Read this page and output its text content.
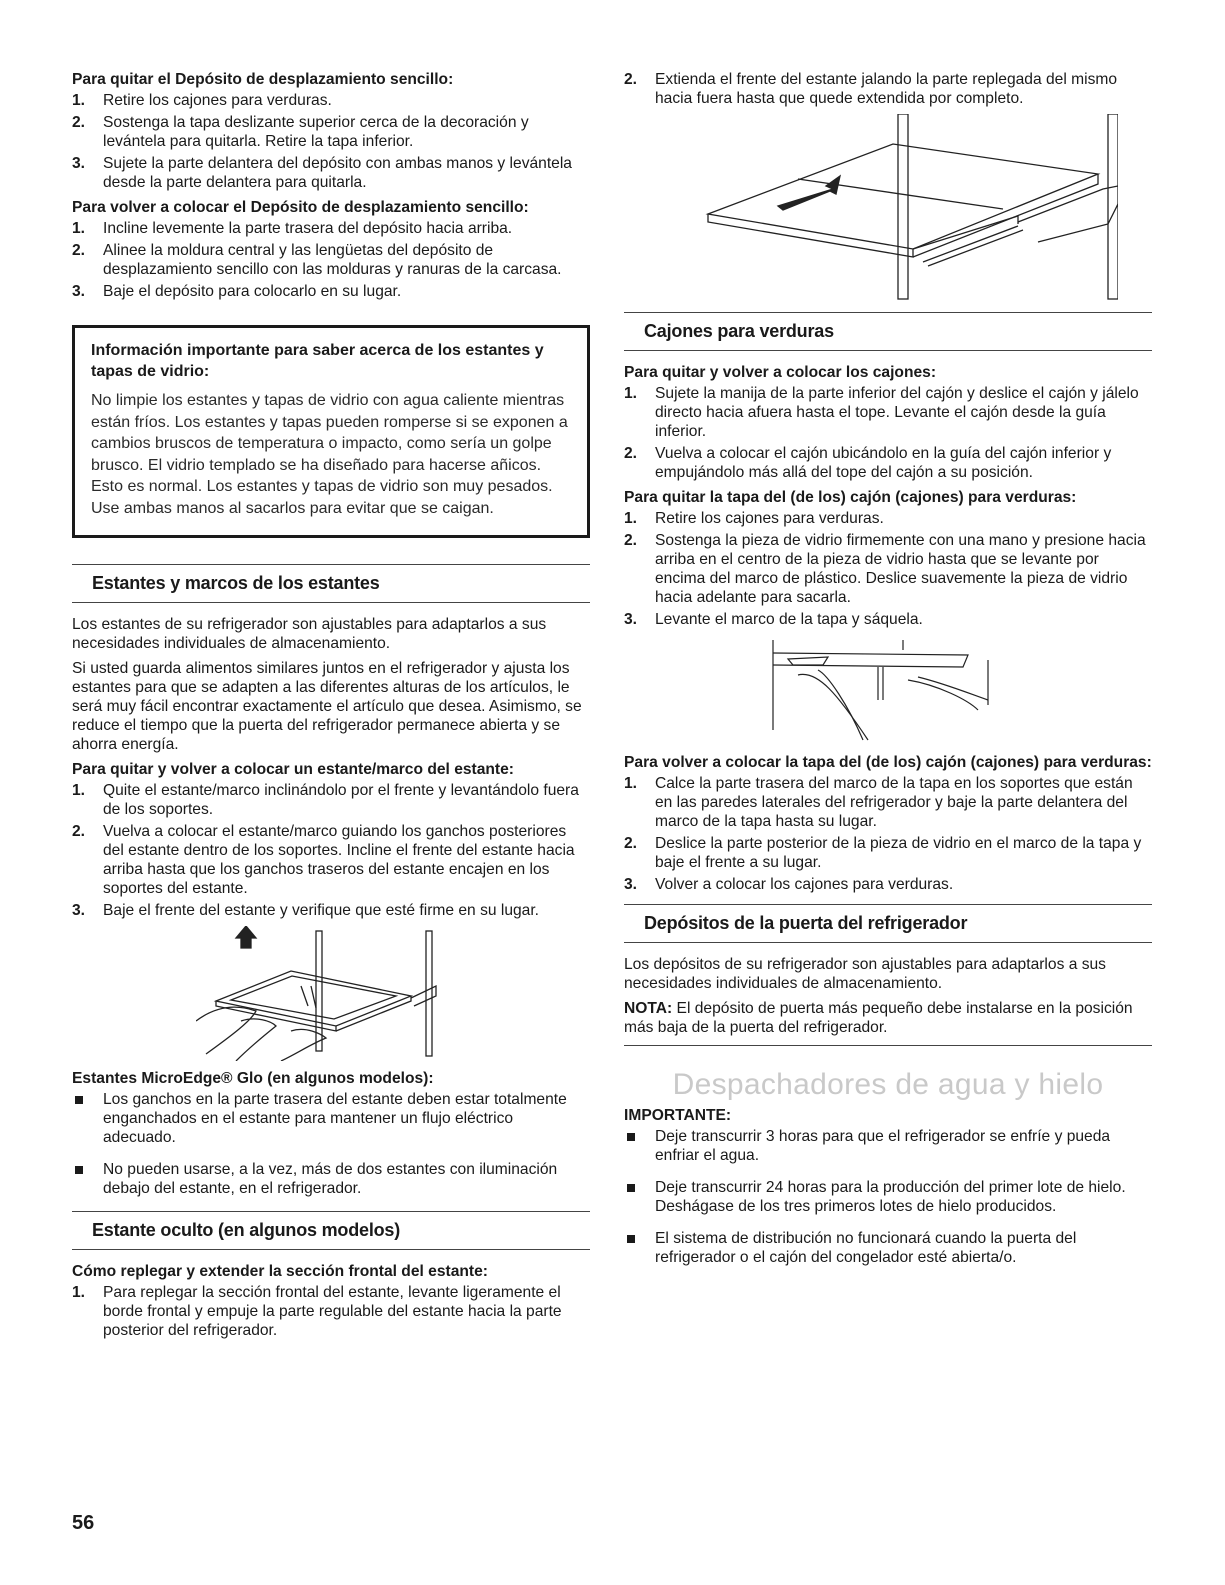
Para quitar el Depósito de desplazamiento sencillo:
1. Retire los cajones para verduras.
2. Sostenga la tapa deslizante superior cerca de la decoración y levántela para quitarla. Retire la tapa inferior.
3. Sujete la parte delantera del depósito con ambas manos y levántela desde la parte delantera para quitarla.
Para volver a colocar el Depósito de desplazamiento sencillo:
1. Incline levemente la parte trasera del depósito hacia arriba.
2. Alinee la moldura central y las lengüetas del depósito de desplazamiento sencillo con las molduras y ranuras de la carcasa.
3. Baje el depósito para colocarlo en su lugar.
Información importante para saber acerca de los estantes y tapas de vidrio:
No limpie los estantes y tapas de vidrio con agua caliente mientras están fríos. Los estantes y tapas pueden romperse si se exponen a cambios bruscos de temperatura o impacto, como sería un golpe brusco. El vidrio templado se ha diseñado para hacerse añicos. Esto es normal. Los estantes y tapas de vidrio son muy pesados. Use ambas manos al sacarlos para evitar que se caigan.
Estantes y marcos de los estantes

Los estantes de su refrigerador son ajustables para adaptarlos a sus necesidades individuales de almacenamiento.

Si usted guarda alimentos similares juntos en el refrigerador y ajusta los estantes para que se adapten a las diferentes alturas de los artículos, le será muy fácil encontrar exactamente el artículo que desea. Asimismo, se reduce el tiempo que la puerta del refrigerador permanece abierta y se ahorra energía.

Para quitar y volver a colocar un estante/marco del estante:
1. Quite el estante/marco inclinándolo por el frente y levantándolo fuera de los soportes.
2. Vuelva a colocar el estante/marco guiando los ganchos posteriores del estante dentro de los soportes. Incline el frente del estante hacia arriba hasta que los ganchos traseros del estante encajen en los soportes del estante.
3. Baje el frente del estante y verifique que esté firme en su lugar.
Estantes MicroEdge® Glo (en algunos modelos):
Los ganchos en la parte trasera del estante deben estar totalmente enganchados en el estante para mantener un flujo eléctrico adecuado.
No pueden usarse, a la vez, más de dos estantes con iluminación debajo del estante, en el refrigerador.
Estante oculto (en algunos modelos)
Cómo replegar y extender la sección frontal del estante:
1. Para replegar la sección frontal del estante, levante ligeramente el borde frontal y empuje la parte regulable del estante hacia la parte posterior del refrigerador.
2. Extienda el frente del estante jalando la parte replegada del mismo hacia fuera hasta que quede extendida por completo.
Cajones para verduras
Para quitar y volver a colocar los cajones:
1. Sujete la manija de la parte inferior del cajón y deslice el cajón y jálelo directo hacia afuera hasta el tope. Levante el cajón desde la guía inferior.
2. Vuelva a colocar el cajón ubicándolo en la guía del cajón inferior y empujándolo más allá del tope del cajón a su posición.
Para quitar la tapa del (de los) cajón (cajones) para verduras:
1. Retire los cajones para verduras.
2. Sostenga la pieza de vidrio firmemente con una mano y presione hacia arriba en el centro de la pieza de vidrio hasta que se levante por encima del marco de plástico. Deslice suavemente la pieza de vidrio hacia adelante para sacarla.
3. Levante el marco de la tapa y sáquela.
Para volver a colocar la tapa del (de los) cajón (cajones) para verduras:
1. Calce la parte trasera del marco de la tapa en los soportes que están en las paredes laterales del refrigerador y baje la parte delantera del marco de la tapa hasta su lugar.
2. Deslice la parte posterior de la pieza de vidrio en el marco de la tapa y baje el frente a su lugar.
3. Volver a colocar los cajones para verduras.
Depósitos de la puerta del refrigerador

Los depósitos de su refrigerador son ajustables para adaptarlos a sus necesidades individuales de almacenamiento.

NOTA: El depósito de puerta más pequeño debe instalarse en la posición más baja de la puerta del refrigerador.

Despachadores de agua y hielo
IMPORTANTE:
Deje transcurrir 3 horas para que el refrigerador se enfríe y pueda enfriar el agua.
Deje transcurrir 24 horas para la producción del primer lote de hielo. Deshágase de los tres primeros lotes de hielo producidos.
El sistema de distribución no funcionará cuando la puerta del refrigerador o el cajón del congelador esté abierta/o.
56
